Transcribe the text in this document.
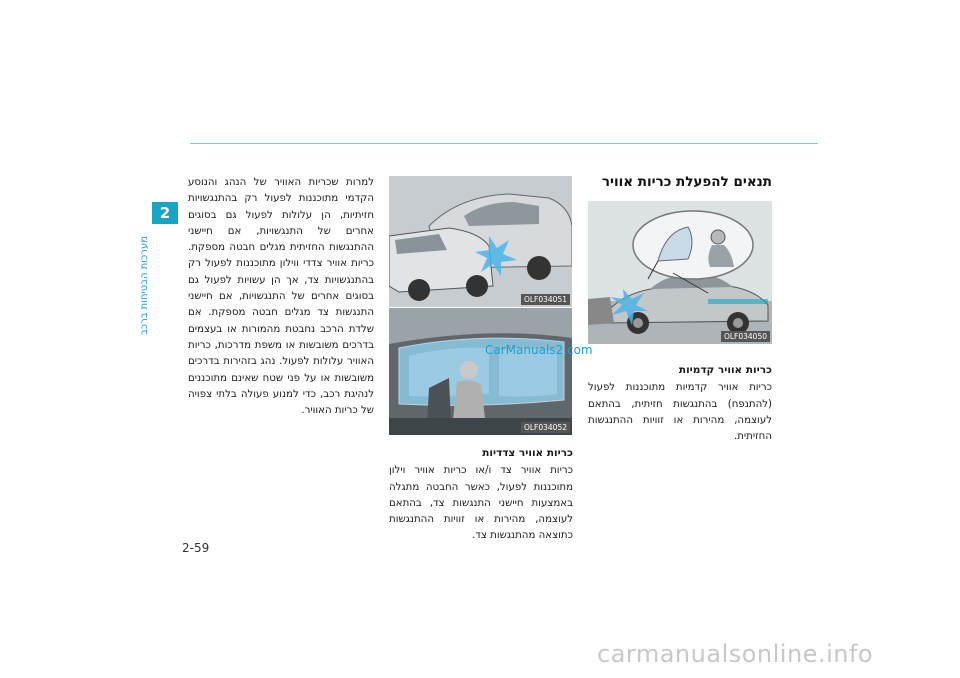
2
מערכות הבטיחות ברכב
2-59
תנאים להפעלת כריות אוויר
OLF034050
כריות אוויר קדמיות
כריות אוויר קדמיות מתוכננות לפעול (להתנפח) בהתנגשות חזיתית, בהתאם לעוצמה, מהירות או זוויות ההתנגשות החזיתית.
OLF034051
OLF034052
CarManuals2.com
כריות אוויר צדדיות
כריות אוויר צד ו/או כריות אוויר וילון מתוכננות לפעול, כאשר החבטה מתגלה באמצעות חיישני התנגשות צד, בהתאם לעוצמה, מהירות או זוויות ההתנגשות כתוצאה מהתנגשות צד.
למרות שכריות האוויר של הנהג והנוסע הקדמי מתוכננות לפעול רק בהתנגשויות חזיתיות, הן עלולות לפעול גם בסוגים אחרים של התנגשויות, אם חיישני ההתנגשות החזיתית מגלים חבטה מספקת. כריות אוויר צדדי ווילון מתוכננות לפעול רק בהתנגשויות צד, אך הן עשויות לפעול גם בסוגים אחרים של התנגשויות, אם חיישני התנגשות צד מגלים חבטה מספקת. אם שלדת הרכב נחבטת מהמורות או בעצמים בדרכים משובשות או משפת מדרכות, כריות האוויר עלולות לפעול. נהג בזהירות בדרכים משובשות או על פני שטח שאינם מתוכננים לנהיגת רכב, כדי למנוע פעולה בלתי צפויה של כריות האוויר.
carmanualsonline.info
